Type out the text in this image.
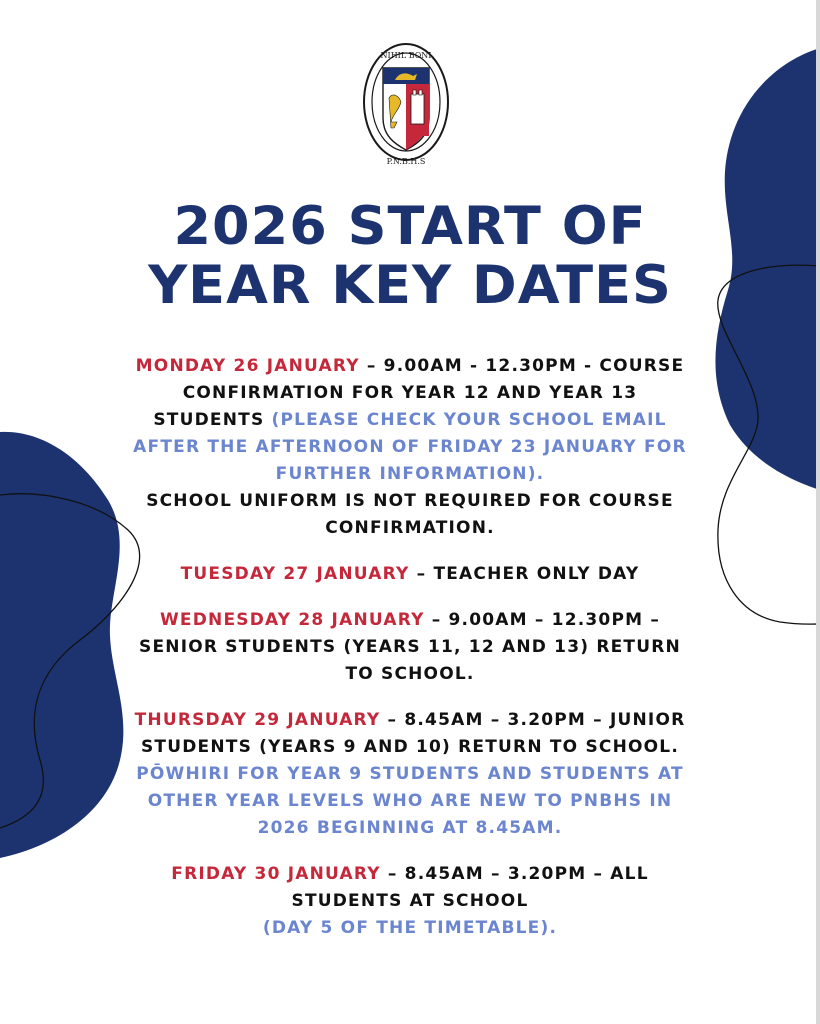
NIHIL BONI
P.N.B.H.S
2026 START OF
YEAR KEY DATES
MONDAY 26 JANUARY – 9.00AM - 12.30PM - COURSE CONFIRMATION FOR YEAR 12 AND YEAR 13 STUDENTS (PLEASE CHECK YOUR SCHOOL EMAIL AFTER THE AFTERNOON OF FRIDAY 23 JANUARY FOR FURTHER INFORMATION).
SCHOOL UNIFORM IS NOT REQUIRED FOR COURSE CONFIRMATION.
TUESDAY 27 JANUARY – TEACHER ONLY DAY
WEDNESDAY 28 JANUARY – 9.00AM – 12.30PM – SENIOR STUDENTS (YEARS 11, 12 AND 13) RETURN TO SCHOOL.
THURSDAY 29 JANUARY – 8.45AM – 3.20PM – JUNIOR STUDENTS (YEARS 9 AND 10) RETURN TO SCHOOL.
PŌWHIRI FOR YEAR 9 STUDENTS AND STUDENTS AT OTHER YEAR LEVELS WHO ARE NEW TO PNBHS IN 2026 BEGINNING AT 8.45AM.
FRIDAY 30 JANUARY – 8.45AM – 3.20PM – ALL STUDENTS AT SCHOOL
(DAY 5 OF THE TIMETABLE).
